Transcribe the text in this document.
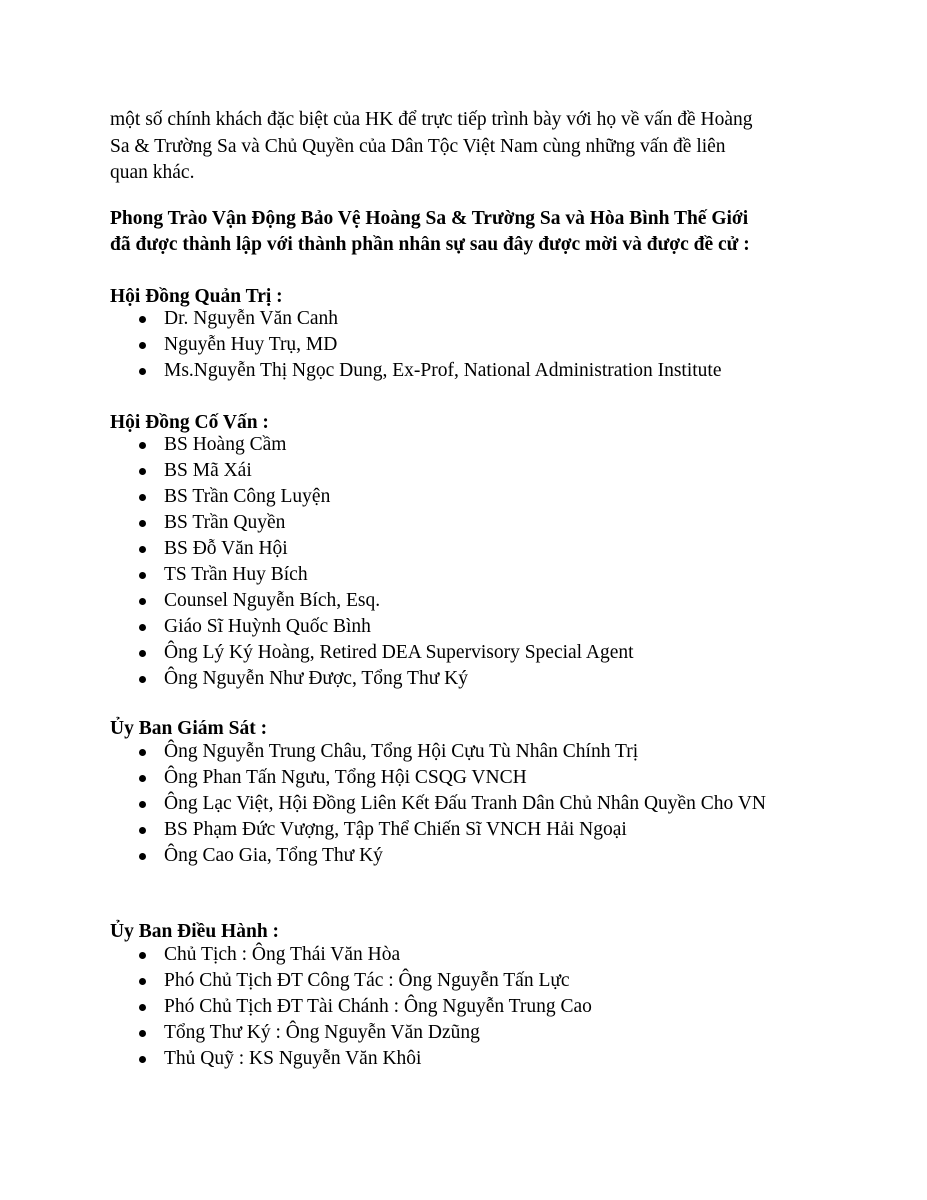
một số chính khách đặc biệt của HK để trực tiếp trình bày với họ về vấn đề Hoàng

Sa & Trường Sa và Chủ Quyền của Dân Tộc Việt Nam cùng những vấn đề liên

quan khác.

Phong Trào Vận Động Bảo Vệ Hoàng Sa & Trường Sa và Hòa Bình Thế Giới
đã được thành lập với thành phần nhân sự sau đây được mời và được đề cử :
Hội Đồng Quản Trị :
Dr. Nguyễn Văn Canh
Nguyễn Huy Trụ, MD
Ms.Nguyễn Thị Ngọc Dung, Ex-Prof, National Administration Institute
Hội Đồng Cố Vấn :
BS Hoàng Cầm
BS Mã Xái
BS Trần Công Luyện
BS Trần Quyền
BS Đỗ Văn Hội
TS Trần Huy Bích
Counsel Nguyễn Bích, Esq.
Giáo Sĩ Huỳnh Quốc Bình
Ông Lý Ký Hoàng, Retired DEA Supervisory Special Agent
Ông Nguyễn Như Được, Tổng Thư Ký
Ủy Ban Giám Sát :
Ông Nguyễn Trung Châu, Tổng Hội Cựu Tù Nhân Chính Trị
Ông Phan Tấn Ngưu, Tổng Hội CSQG VNCH
Ông Lạc Việt, Hội Đồng Liên Kết Đấu Tranh Dân Chủ Nhân Quyền Cho VN
BS Phạm Đức Vượng, Tập Thể Chiến Sĩ VNCH Hải Ngoại
Ông Cao Gia, Tổng Thư Ký
Ủy Ban Điều Hành :
Chủ Tịch : Ông Thái Văn Hòa
Phó Chủ Tịch ĐT Công Tác : Ông Nguyễn Tấn Lực
Phó Chủ Tịch ĐT Tài Chánh : Ông Nguyễn Trung Cao
Tổng Thư Ký : Ông Nguyễn Văn Dzũng
Thủ Quỹ : KS Nguyễn Văn Khôi
